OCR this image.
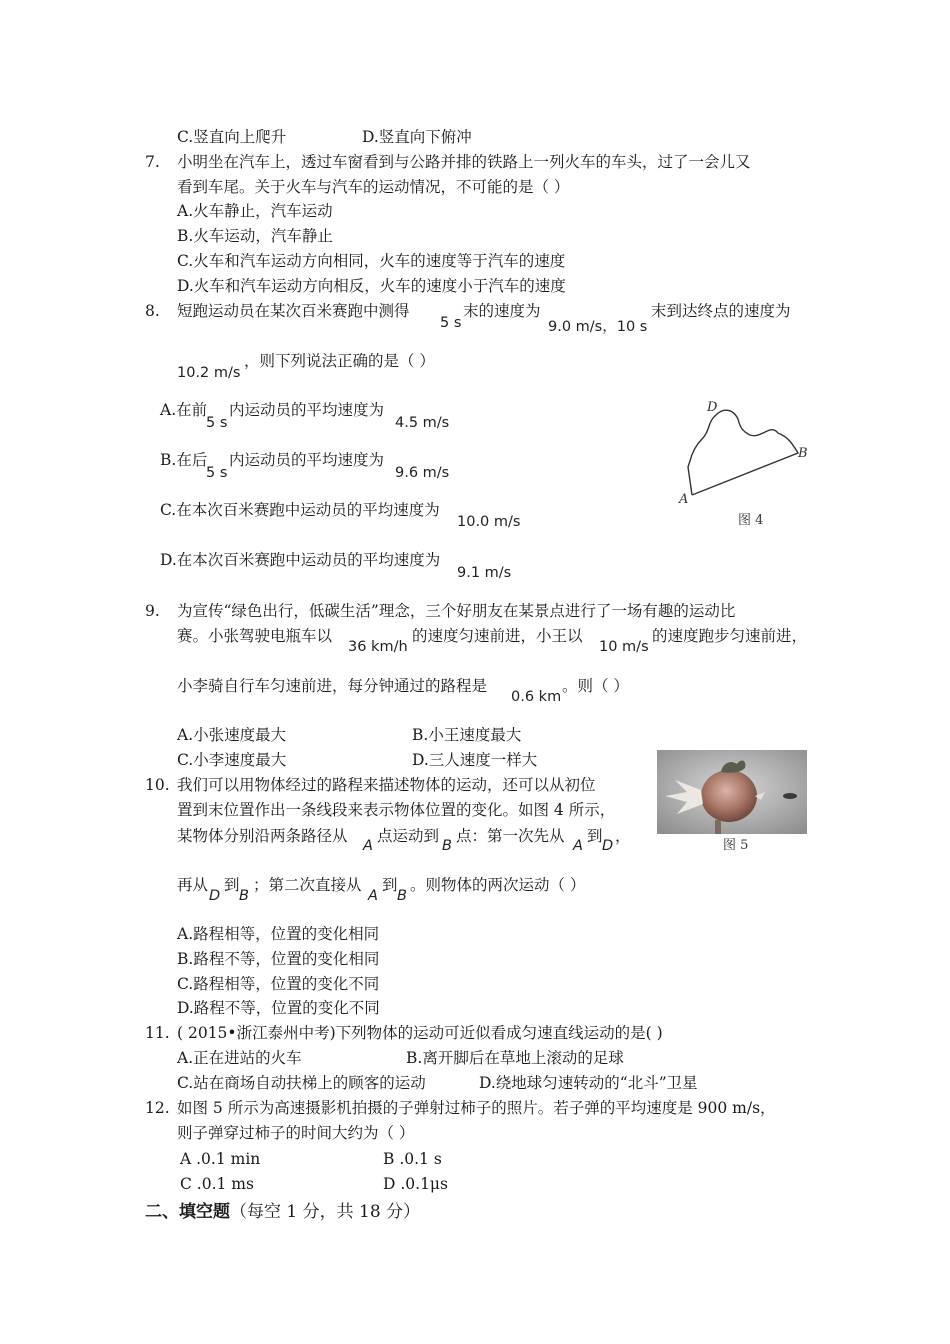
C.竖直向上爬升	D.竖直向下俯冲
7. 小明坐在汽车上，透过车窗看到与公路并排的铁路上一列火车的车头，过了一会儿又
看到车尾。关于火车与汽车的运动情况，不可能的是（ ）
A.火车静止，汽车运动
B.火车运动，汽车静止
C.火车和汽车运动方向相同，火车的速度等于汽车的速度
D.火车和汽车运动方向相反，火车的速度小于汽车的速度
8. 短跑运动员在某次百米赛跑中测得
5 s
末的速度为
9.0 m/s，10 s
末到达终点的速度为
10.2 m/s
，则下列说法正确的是（ ）
A.在前
5 s
内运动员的平均速度为
4.5 m/s
B.在后
5 s
内运动员的平均速度为
9.6 m/s
C.在本次百米赛跑中运动员的平均速度为
10.0 m/s
D.在本次百米赛跑中运动员的平均速度为
9.1 m/s
D
B
A
图 4
9. 为宣传“绿色出行，低碳生活”理念，三个好朋友在某景点进行了一场有趣的运动比
赛。小张驾驶电瓶车以
36 km/h
的速度匀速前进，小王以
10 m/s
的速度跑步匀速前进，
小李骑自行车匀速前进，每分钟通过的路程是
0.6 km
。则（ ）
A.小张速度最大	B.小王速度最大
C.小李速度最大	D.三人速度一样大
图 5
10. 我们可以用物体经过的路程来描述物体的运动，还可以从初位
置到末位置作出一条线段来表示物体位置的变化。如图 4 所示，
某物体分别沿两条路径从
A
点运动到
B
点：第一次先从
A
到
D
，
再从
D
到
B
；第二次直接从
A
到
B
。则物体的两次运动（ ）
A.路程相等，位置的变化相同
B.路程不等，位置的变化相同
C.路程相等，位置的变化不同
D.路程不等，位置的变化不同
11. ( 2015•浙江泰州中考)下列物体的运动可近似看成匀速直线运动的是( )
A.正在进站的火车	B.离开脚后在草地上滚动的足球
C.站在商场自动扶梯上的顾客的运动	D.绕地球匀速转动的“北斗”卫星
12. 如图 5 所示为高速摄影机拍摄的子弹射过柿子的照片。若子弹的平均速度是 900 m/s，
则子弹穿过柿子的时间大约为（ ）
A .0.1 min	B .0.1 s
C .0.1 ms	D .0.1μs
二、填空题（每空 1 分，共 18 分）
